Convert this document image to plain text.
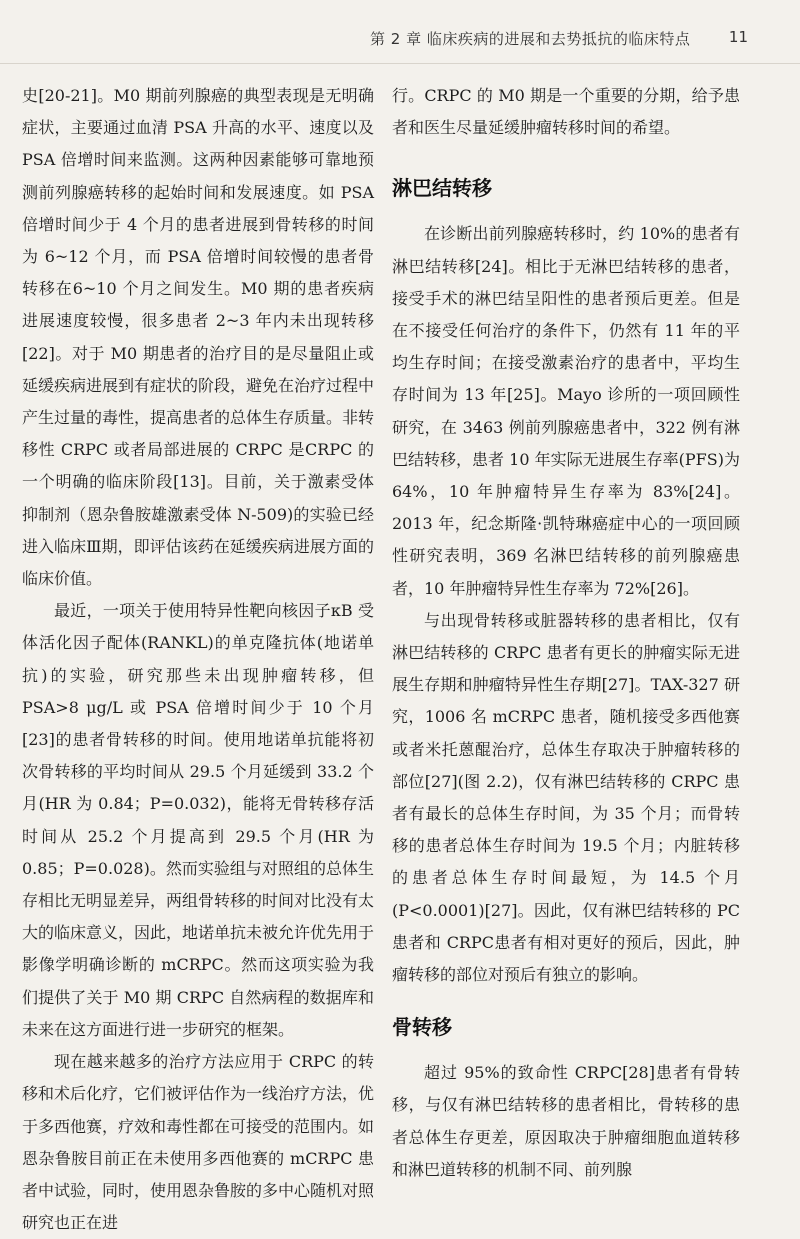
第 2 章 临床疾病的进展和去势抵抗的临床特点	11

史[20-21]。M0 期前列腺癌的典型表现是无明确症状，主要通过血清 PSA 升高的水平、速度以及 PSA 倍增时间来监测。这两种因素能够可靠地预测前列腺癌转移的起始时间和发展速度。如 PSA 倍增时间少于 4 个月的患者进展到骨转移的时间为 6~12 个月，而 PSA 倍增时间较慢的患者骨转移在6~10 个月之间发生。M0 期的患者疾病进展速度较慢，很多患者 2~3 年内未出现转移[22]。对于 M0 期患者的治疗目的是尽量阻止或延缓疾病进展到有症状的阶段，避免在治疗过程中产生过量的毒性，提高患者的总体生存质量。非转移性 CRPC 或者局部进展的 CRPC 是CRPC 的一个明确的临床阶段[13]。目前，关于激素受体抑制剂（恩杂鲁胺雄激素受体 N-509)的实验已经进入临床Ⅲ期，即评估该药在延缓疾病进展方面的临床价值。

最近，一项关于使用特异性靶向核因子κB 受体活化因子配体(RANKL)的单克隆抗体(地诺单抗)的实验，研究那些未出现肿瘤转移，但 PSA>8 μg/L 或 PSA 倍增时间少于 10 个月[23]的患者骨转移的时间。使用地诺单抗能将初次骨转移的平均时间从 29.5 个月延缓到 33.2 个月(HR 为 0.84；P=0.032)，能将无骨转移存活时间从 25.2 个月提高到 29.5 个月(HR 为 0.85；P=0.028)。然而实验组与对照组的总体生存相比无明显差异，两组骨转移的时间对比没有太大的临床意义，因此，地诺单抗未被允许优先用于影像学明确诊断的 mCRPC。然而这项实验为我们提供了关于 M0 期 CRPC 自然病程的数据库和未来在这方面进行进一步研究的框架。

现在越来越多的治疗方法应用于 CRPC 的转移和术后化疗，它们被评估作为一线治疗方法，优于多西他赛，疗效和毒性都在可接受的范围内。如恩杂鲁胺目前正在未使用多西他赛的 mCRPC 患者中试验，同时，使用恩杂鲁胺的多中心随机对照研究也正在进

行。CRPC 的 M0 期是一个重要的分期，给予患者和医生尽量延缓肿瘤转移时间的希望。

淋巴结转移

在诊断出前列腺癌转移时，约 10%的患者有淋巴结转移[24]。相比于无淋巴结转移的患者，接受手术的淋巴结呈阳性的患者预后更差。但是在不接受任何治疗的条件下，仍然有 11 年的平均生存时间；在接受激素治疗的患者中，平均生存时间为 13 年[25]。Mayo 诊所的一项回顾性研究，在 3463 例前列腺癌患者中，322 例有淋巴结转移，患者 10 年实际无进展生存率(PFS)为 64%，10 年肿瘤特异生存率为 83%[24]。2013 年，纪念斯隆·凯特琳癌症中心的一项回顾性研究表明，369 名淋巴结转移的前列腺癌患者，10 年肿瘤特异性生存率为 72%[26]。

与出现骨转移或脏器转移的患者相比，仅有淋巴结转移的 CRPC 患者有更长的肿瘤实际无进展生存期和肿瘤特异性生存期[27]。TAX-327 研究，1006 名 mCRPC 患者，随机接受多西他赛或者米托蒽醌治疗，总体生存取决于肿瘤转移的部位[27](图 2.2)，仅有淋巴结转移的 CRPC 患者有最长的总体生存时间，为 35 个月；而骨转移的患者总体生存时间为 19.5 个月；内脏转移的患者总体生存时间最短，为 14.5 个月(P<0.0001)[27]。因此，仅有淋巴结转移的 PC 患者和 CRPC患者有相对更好的预后，因此，肿瘤转移的部位对预后有独立的影响。

骨转移

超过 95%的致命性 CRPC[28]患者有骨转移，与仅有淋巴结转移的患者相比，骨转移的患者总体生存更差，原因取决于肿瘤细胞血道转移和淋巴道转移的机制不同、前列腺
